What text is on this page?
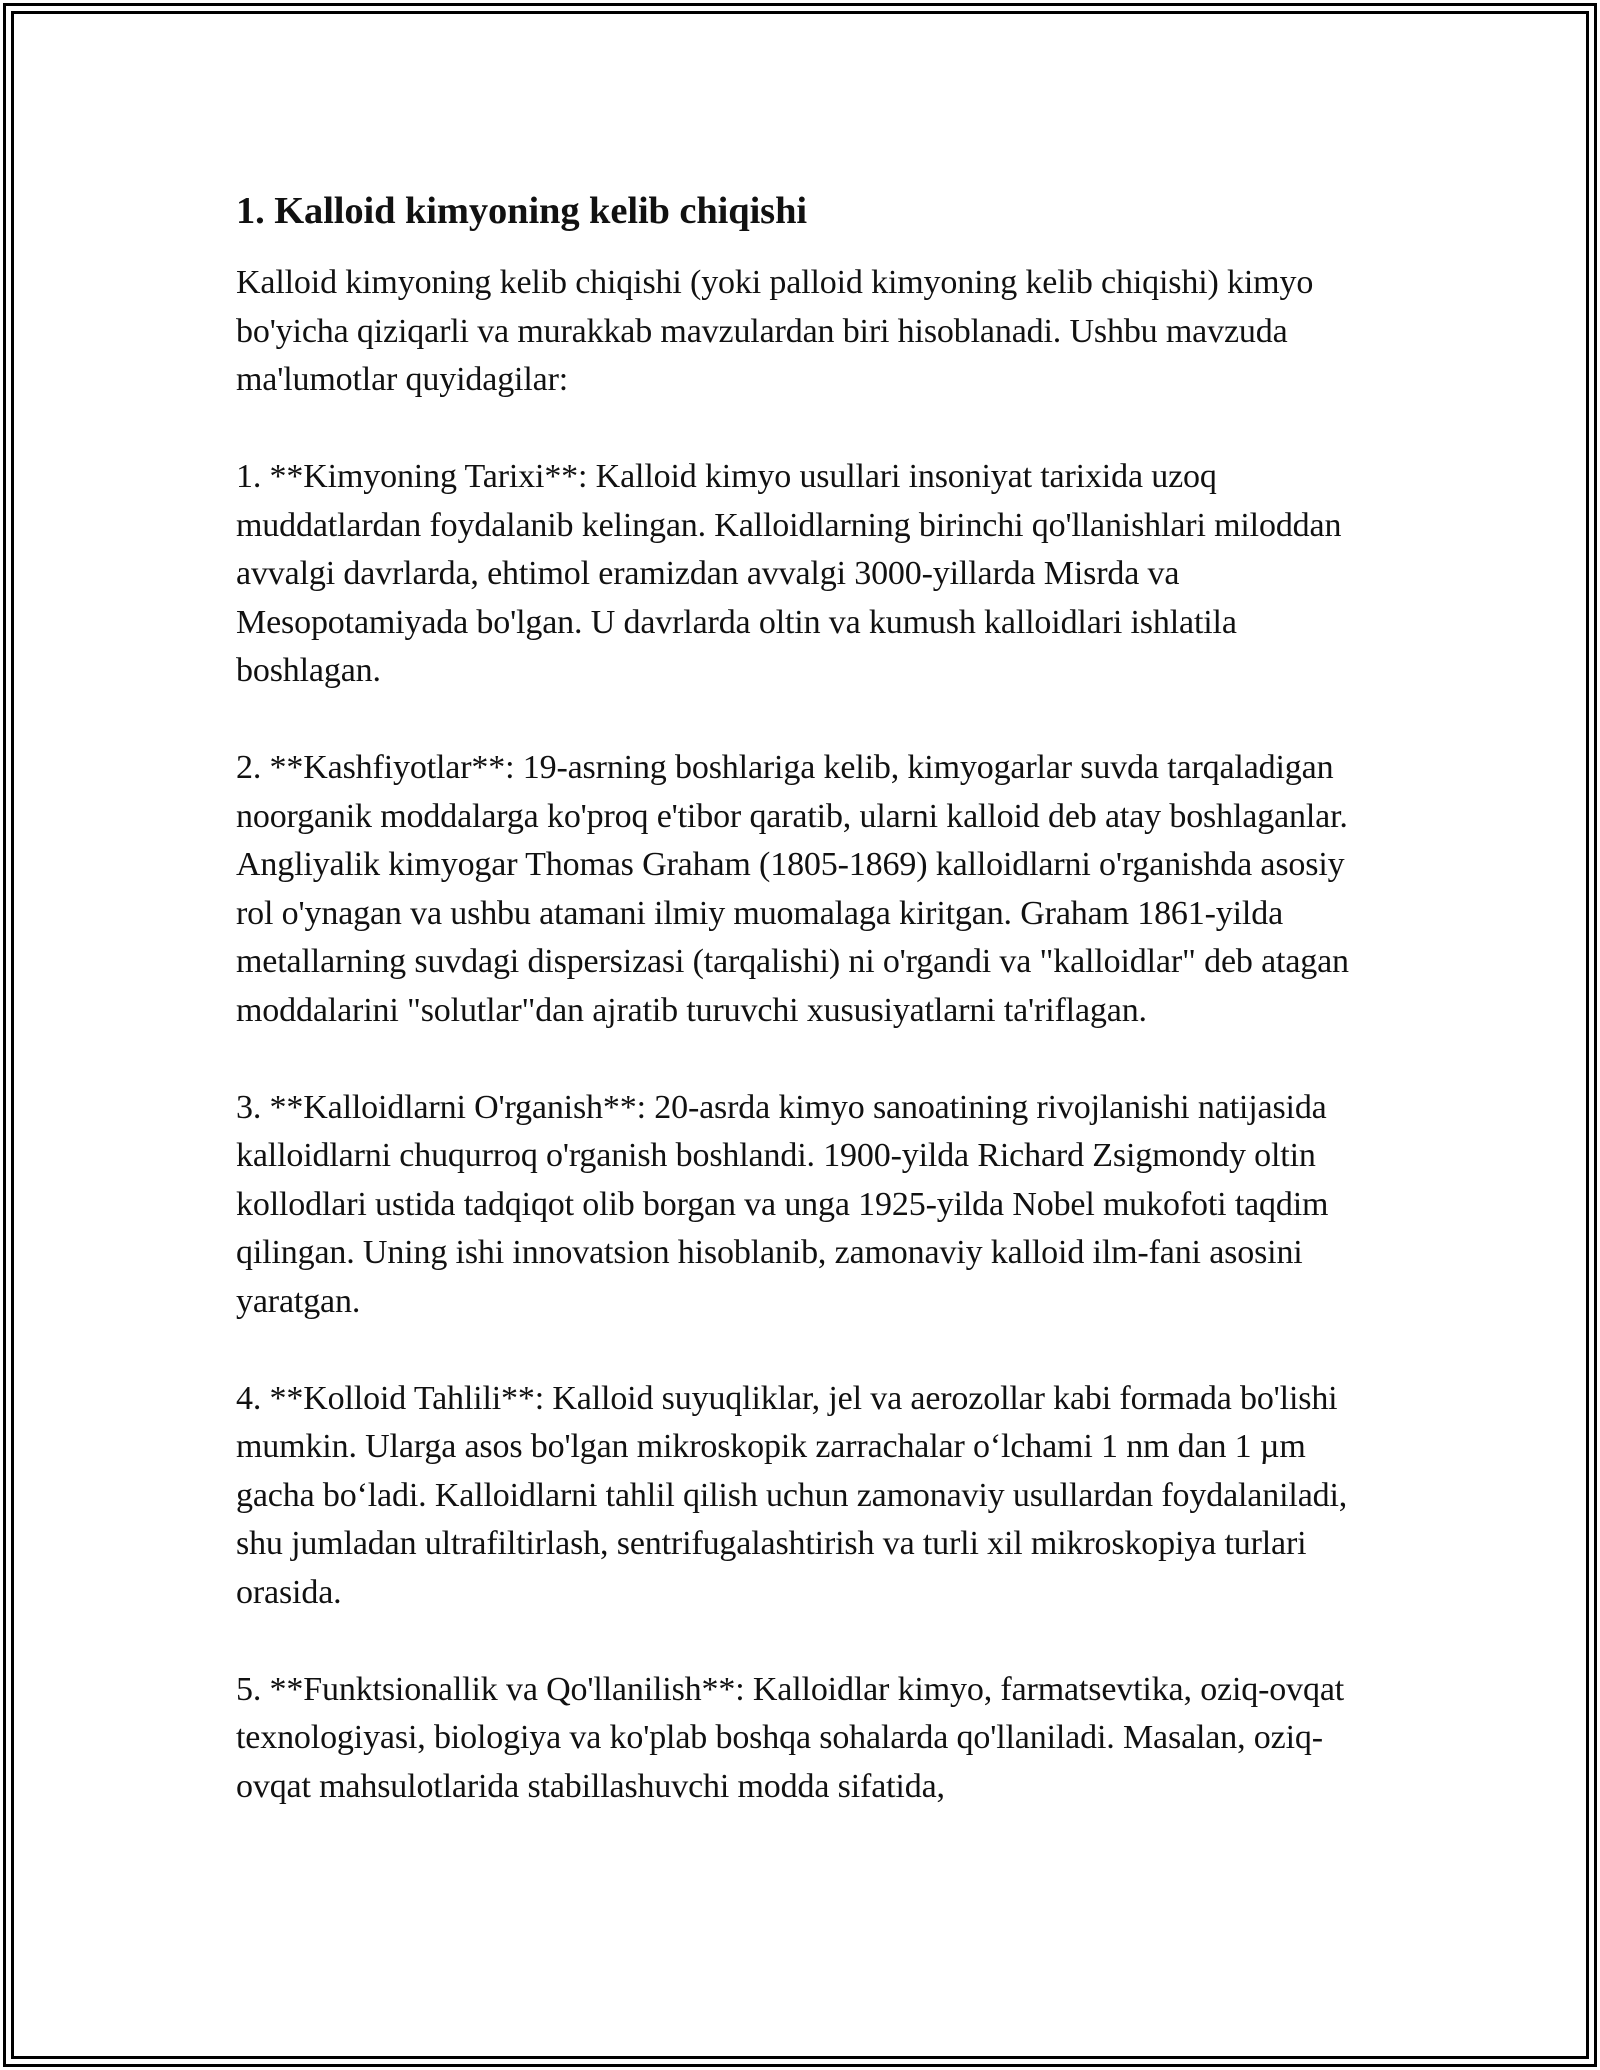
1. Kalloid kimyoning kelib chiqishi

Kalloid kimyoning kelib chiqishi (yoki palloid kimyoning kelib chiqishi) kimyo bo'yicha qiziqarli va murakkab mavzulardan biri hisoblanadi. Ushbu mavzuda ma'lumotlar quyidagilar:

1. **Kimyoning Tarixi**: Kalloid kimyo usullari insoniyat tarixida uzoq muddatlardan foydalanib kelingan. Kalloidlarning birinchi qo'llanishlari miloddan avvalgi davrlarda, ehtimol eramizdan avvalgi 3000-yillarda Misrda va Mesopotamiyada bo'lgan. U davrlarda oltin va kumush kalloidlari ishlatila boshlagan.

2. **Kashfiyotlar**: 19-asrning boshlariga kelib, kimyogarlar suvda tarqaladigan noorganik moddalarga ko'proq e'tibor qaratib, ularni kalloid deb atay boshlaganlar. Angliyalik kimyogar Thomas Graham (1805-1869) kalloidlarni o'rganishda asosiy rol o'ynagan va ushbu atamani ilmiy muomalaga kiritgan. Graham 1861-yilda metallarning suvdagi dispersizasi (tarqalishi) ni o'rgandi va "kalloidlar" deb atagan moddalarini "solutlar"dan ajratib turuvchi xususiyatlarni ta'riflagan.

3. **Kalloidlarni O'rganish**: 20-asrda kimyo sanoatining rivojlanishi natijasida kalloidlarni chuqurroq o'rganish boshlandi. 1900-yilda Richard Zsigmondy oltin kollodlari ustida tadqiqot olib borgan va unga 1925-yilda Nobel mukofoti taqdim qilingan. Uning ishi innovatsion hisoblanib, zamonaviy kalloid ilm-fani asosini yaratgan.

4. **Kolloid Tahlili**: Kalloid suyuqliklar, jel va aerozollar kabi formada bo'lishi mumkin. Ularga asos bo'lgan mikroskopik zarrachalar oʻlchami 1 nm dan 1 µm gacha boʻladi. Kalloidlarni tahlil qilish uchun zamonaviy usullardan foydalaniladi, shu jumladan ultrafiltirlash, sentrifugalashtirish va turli xil mikroskopiya turlari orasida.

5. **Funktsionallik va Qo'llanilish**: Kalloidlar kimyo, farmatsevtika, oziq-ovqat texnologiyasi, biologiya va ko'plab boshqa sohalarda qo'llaniladi. Masalan, oziq-ovqat mahsulotlarida stabillashuvchi modda sifatida,
